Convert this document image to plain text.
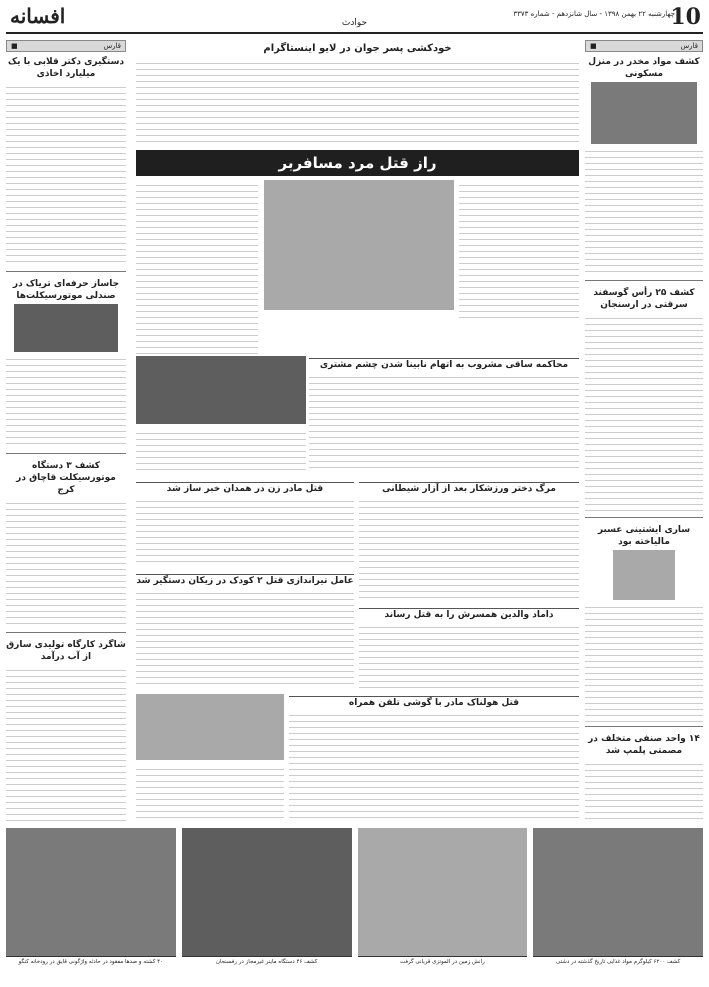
10
چهارشنبه ۲۲ بهمن ۱۳۹۸ - سال شانزدهم - شماره ۳۳۷۳
حوادث
افسانه
قارس
■
کشف مواد مخدر در منزل مسکونی
کشف ۲۵ رأس گوسفند سرقتی در ارسنجان
ساری ایشتینی عسبر مالیاخته بود
۱۴ واحد صنفی متخلف در مصمتی پلمپ شد
قارس
■
دستگیری دکتر قلابی با یک میلیارد اخاذی
جاساز حرفه‌ای تریاک در صندلی موتورسیکلت‌ها
کشف ۳ دستگاه موتورسیکلت قاچاق در کرج
شاگرد کارگاه تولیدی سارق از آب درآمد
خودکشی پسر جوان در لایو اینستاگرام
راز قتل مرد مسافربر
محاکمه ساقی مشروب به اتهام نابینا شدن چشم مشتری
مرگ دختر ورزشکار بعد از آزار شیطانی
قتل مادر زن در همدان خبر ساز شد
عامل تیراندازی قتل ۲ کودک در زیکان دستگیر شد
داماد والدین همسرش را به قتل رساند
قتل هولناک مادر با گوشی تلفن همراه
کشف ۶۲۰۰ کیلوگرم مواد غذایی تاریخ گذشته در دشتی
رانش زمین در الموتزی قربانی گرفت
کشف ۴۶ دستگاه ماینر غیرمجاز در رفسنجان
۴۰ کشته و صدها مفقود در حادثه واژگونی قایق در رودخانه کنگو
